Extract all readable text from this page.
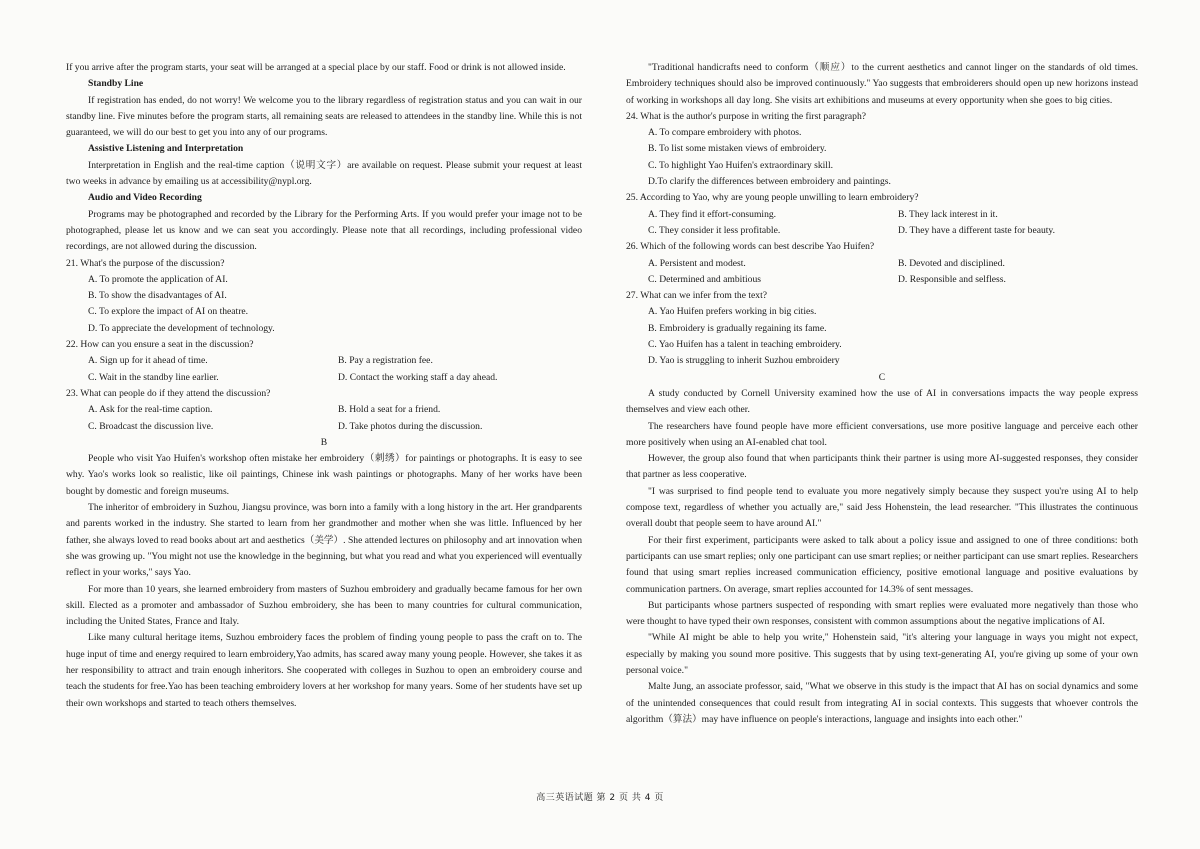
If you arrive after the program starts, your seat will be arranged at a special place by our staff. Food or drink is not allowed inside.

Standby Line

If registration has ended, do not worry! We welcome you to the library regardless of registration status and you can wait in our standby line. Five minutes before the program starts, all remaining seats are released to attendees in the standby line. While this is not guaranteed, we will do our best to get you into any of our programs.

Assistive Listening and Interpretation

Interpretation in English and the real-time caption（说明文字）are available on request. Please submit your request at least two weeks in advance by emailing us at accessibility@nypl.org.

Audio and Video Recording

Programs may be photographed and recorded by the Library for the Performing Arts. If you would prefer your image not to be photographed, please let us know and we can seat you accordingly. Please note that all recordings, including professional video recordings, are not allowed during the discussion.

21. What's the purpose of the discussion?

A. To promote the application of AI.

B. To show the disadvantages of AI.

C. To explore the impact of AI on theatre.

D. To appreciate the development of technology.

22. How can you ensure a seat in the discussion?

A. Sign up for it ahead of time.	B. Pay a registration fee.

C. Wait in the standby line earlier.	D. Contact the working staff a day ahead.

23. What can people do if they attend the discussion?

A. Ask for the real-time caption.	B. Hold a seat for a friend.

C. Broadcast the discussion live.	D. Take photos during the discussion.

B

People who visit Yao Huifen's workshop often mistake her embroidery（刺绣）for paintings or photographs. It is easy to see why. Yao's works look so realistic, like oil paintings, Chinese ink wash paintings or photographs. Many of her works have been bought by domestic and foreign museums.

The inheritor of embroidery in Suzhou, Jiangsu province, was born into a family with a long history in the art. Her grandparents and parents worked in the industry. She started to learn from her grandmother and mother when she was little. Influenced by her father, she always loved to read books about art and aesthetics（美学）. She attended lectures on philosophy and art innovation when she was growing up. "You might not use the knowledge in the beginning, but what you read and what you experienced will eventually reflect in your works," says Yao.

For more than 10 years, she learned embroidery from masters of Suzhou embroidery and gradually became famous for her own skill. Elected as a promoter and ambassador of Suzhou embroidery, she has been to many countries for cultural communication, including the United States, France and Italy.

Like many cultural heritage items, Suzhou embroidery faces the problem of finding young people to pass the craft on to. The huge input of time and energy required to learn embroidery,Yao admits, has scared away many young people. However, she takes it as her responsibility to attract and train enough inheritors. She cooperated with colleges in Suzhou to open an embroidery course and teach the students for free.Yao has been teaching embroidery lovers at her workshop for many years. Some of her students have set up their own workshops and started to teach others themselves.

"Traditional handicrafts need to conform（顺应）to the current aesthetics and cannot linger on the standards of old times. Embroidery techniques should also be improved continuously." Yao suggests that embroiderers should open up new horizons instead of working in workshops all day long. She visits art exhibitions and museums at every opportunity when she goes to big cities.

24. What is the author's purpose in writing the first paragraph?

A. To compare embroidery with photos.

B. To list some mistaken views of embroidery.

C. To highlight Yao Huifen's extraordinary skill.

D.To clarify the differences between embroidery and paintings.

25. According to Yao, why are young people unwilling to learn embroidery?

A. They find it effort-consuming.	B. They lack interest in it.

C. They consider it less profitable.	D. They have a different taste for beauty.

26. Which of the following words can best describe Yao Huifen?

A. Persistent and modest.	B. Devoted and disciplined.

C. Determined and ambitious	D. Responsible and selfless.

27. What can we infer from the text?

A. Yao Huifen prefers working in big cities.

B. Embroidery is gradually regaining its fame.

C. Yao Huifen has a talent in teaching embroidery.

D. Yao is struggling to inherit Suzhou embroidery

C

A study conducted by Cornell University examined how the use of AI in conversations impacts the way people express themselves and view each other.

The researchers have found people have more efficient conversations, use more positive language and perceive each other more positively when using an AI-enabled chat tool.

However, the group also found that when participants think their partner is using more AI-suggested responses, they consider that partner as less cooperative.

"I was surprised to find people tend to evaluate you more negatively simply because they suspect you're using AI to help compose text, regardless of whether you actually are," said Jess Hohenstein, the lead researcher. "This illustrates the continuous overall doubt that people seem to have around AI."

For their first experiment, participants were asked to talk about a policy issue and assigned to one of three conditions: both participants can use smart replies; only one participant can use smart replies; or neither participant can use smart replies. Researchers found that using smart replies increased communication efficiency, positive emotional language and positive evaluations by communication partners. On average, smart replies accounted for 14.3% of sent messages.

But participants whose partners suspected of responding with smart replies were evaluated more negatively than those who were thought to have typed their own responses, consistent with common assumptions about the negative implications of AI.

"While AI might be able to help you write," Hohenstein said, "it's altering your language in ways you might not expect, especially by making you sound more positive. This suggests that by using text-generating AI, you're giving up some of your own personal voice."

Malte Jung, an associate professor, said, "What we observe in this study is the impact that AI has on social dynamics and some of the unintended consequences that could result from integrating AI in social contexts. This suggests that whoever controls the algorithm（算法）may have influence on people's interactions, language and insights into each other."

高三英语试题 第 2 页 共 4 页
